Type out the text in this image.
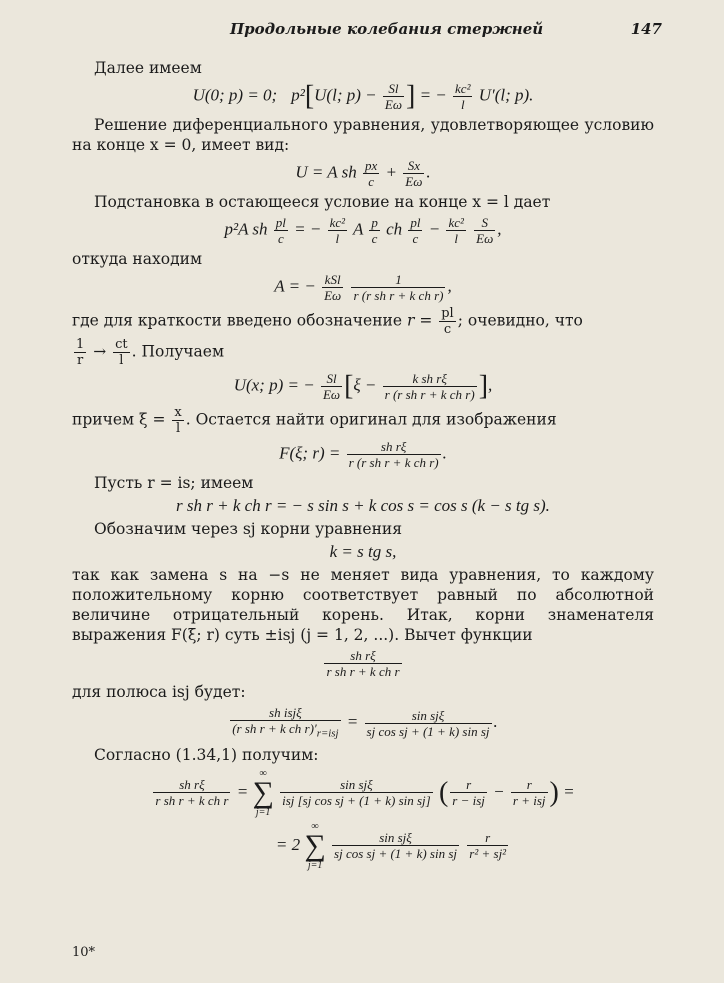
Продольные колебания стержней	147

Далее имеем

U(0; p) = 0; p²[U(l; $p) - \frac{Sl}{E\omega}$ ] = − $\frac{\text{kc²}}{l} U'(l$; p).

Решение диференциального уравнения, удовлетворяющее условию на конце x = 0, имеет вид:

U = A sh $\frac{px}{c} + \frac{Sx}{E\omega}$ .

Подстановка в остающееся условие на конце x = l дает

p²A sh $\frac{pl}{c}$ = − $\frac{\text{kc²}}{l}$ A $\frac{p}{c}$ ch $\frac{pl}{c} - \frac{\text{kc²}}{l}$
$\frac{S}{E\omega}$ ,

откуда находим

A = − $\frac{\text{kSl}}{E\omega}$
$\frac{1}{\text{r (r sh r + k ch r)}}$ ,

где для краткости введено обозначение $r = \frac{pl}{c}$ ; очевидно, что

$\frac{1}{r} \to \frac{ct}{l}$ . Получаем

U(x; p) = − $\frac{Sl}{E\omega} [\xi - \frac{\text{k sh rξ}}{\text{r (r sh r + k ch r)}}$ ],

причем $\xi = \frac{x}{l}$ . Остается найти оригинал для изображения

F(ξ; $r) = \frac{\text{sh rξ}}{\text{r (r sh r + k ch r)}}$ .

Пусть r = is; имеем

r sh r + k ch r = − s sin s + k cos s = cos s (k − s tg s).

Обозначим через sj корни уравнения

k = s tg s,

так как замена s на −s не меняет вида уравнения, то каждому положительному корню соответствует равный по абсолютной величине отрицательный корень. Итак, корни знаменателя выражения F(ξ; r) суть ±isj (j = 1, 2, ...). Вычет функции

$\frac{\text{sh rξ}}{\text{r sh r + k ch r}}$

для полюса isj будет:

$\frac{\text{sh isjξ}}{(r sh r + k ch r)'_{r=isj}} = \frac{\text{sin sjξ}}{\text{sj cos sj + (1 + k) sin sj}}$ .

Согласно (1.34,1) получим:

$\frac{\text{sh rξ}}{\text{r sh r + k ch r}}$ =
∞
∑
j=1

$\frac{\text{sin sjξ}}{\text{isj [sj cos sj + (1 + k) sin sj]}}$ ( $\frac{r}{\text{r − isj}} - \frac{r}{\text{r + isj}}$ ) =
= 2
∞
∑
j=1

$\frac{\text{sin sjξ}}{\text{sj cos sj + (1 + k) sin sj}}$
$\frac{r}{\text{r² + sj²}}$
10*
